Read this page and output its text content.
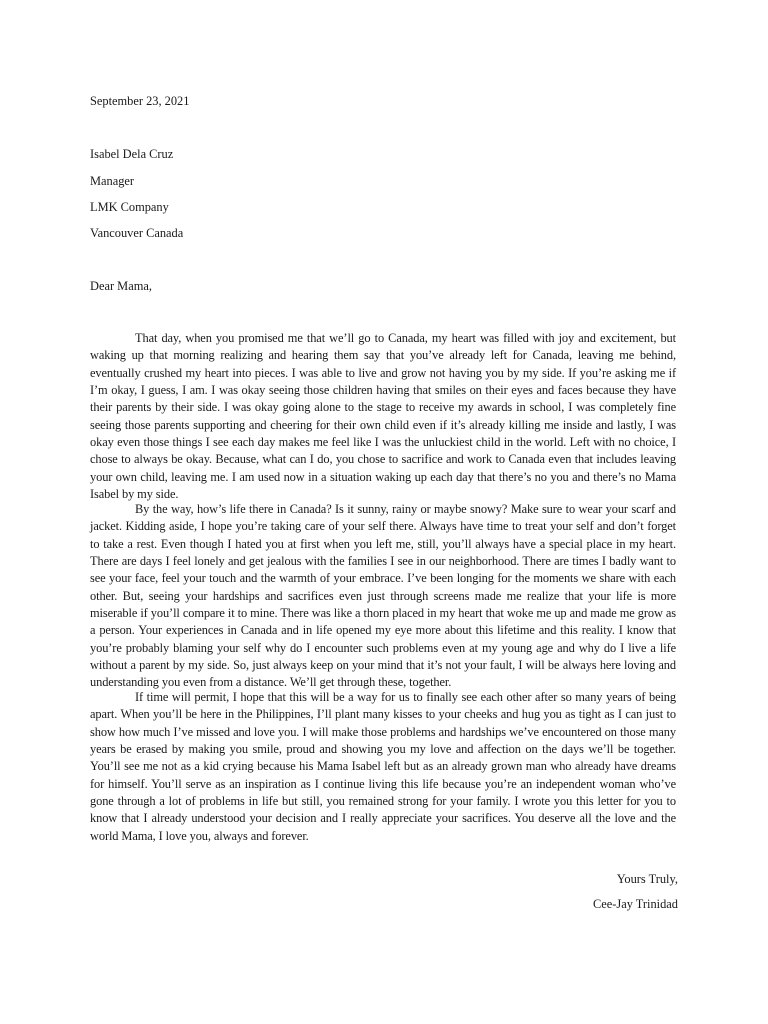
September 23, 2021
Isabel Dela Cruz
Manager
LMK Company
Vancouver Canada
Dear Mama,

That day, when you promised me that we’ll go to Canada, my heart was filled with joy and excitement, but waking up that morning realizing and hearing them say that you’ve already left for Canada, leaving me behind, eventually crushed my heart into pieces. I was able to live and grow not having you by my side. If you’re asking me if I’m okay, I guess, I am. I was okay seeing those children having that smiles on their eyes and faces because they have their parents by their side. I was okay going alone to the stage to receive my awards in school, I was completely fine seeing those parents supporting and cheering for their own child even if it’s already killing me inside and lastly, I was okay even those things I see each day makes me feel like I was the unluckiest child in the world. Left with no choice, I chose to always be okay. Because, what can I do, you chose to sacrifice and work to Canada even that includes leaving your own child, leaving me. I am used now in a situation waking up each day that there’s no you and there’s no Mama Isabel by my side.

By the way, how’s life there in Canada? Is it sunny, rainy or maybe snowy? Make sure to wear your scarf and jacket. Kidding aside, I hope you’re taking care of your self there. Always have time to treat your self and don’t forget to take a rest. Even though I hated you at first when you left me, still, you’ll always have a special place in my heart. There are days I feel lonely and get jealous with the families I see in our neighborhood. There are times I badly want to see your face, feel your touch and the warmth of your embrace. I’ve been longing for the moments we share with each other. But, seeing your hardships and sacrifices even just through screens made me realize that your life is more miserable if you’ll compare it to mine. There was like a thorn placed in my heart that woke me up and made me grow as a person. Your experiences in Canada and in life opened my eye more about this lifetime and this reality. I know that you’re probably blaming your self why do I encounter such problems even at my young age and why do I live a life without a parent by my side. So, just always keep on your mind that it’s not your fault, I will be always here loving and understanding you even from a distance. We’ll get through these, together.

If time will permit, I hope that this will be a way for us to finally see each other after so many years of being apart. When you’ll be here in the Philippines, I’ll plant many kisses to your cheeks and hug you as tight as I can just to show how much I’ve missed and love you. I will make those problems and hardships we’ve encountered on those many years be erased by making you smile, proud and showing you my love and affection on the days we’ll be together. You’ll see me not as a kid crying because his Mama Isabel left but as an already grown man who already have dreams for himself. You’ll serve as an inspiration as I continue living this life because you’re an independent woman who’ve gone through a lot of problems in life but still, you remained strong for your family. I wrote you this letter for you to know that I already understood your decision and I really appreciate your sacrifices. You deserve all the love and the world Mama, I love you, always and forever.

Yours Truly,
Cee-Jay Trinidad
